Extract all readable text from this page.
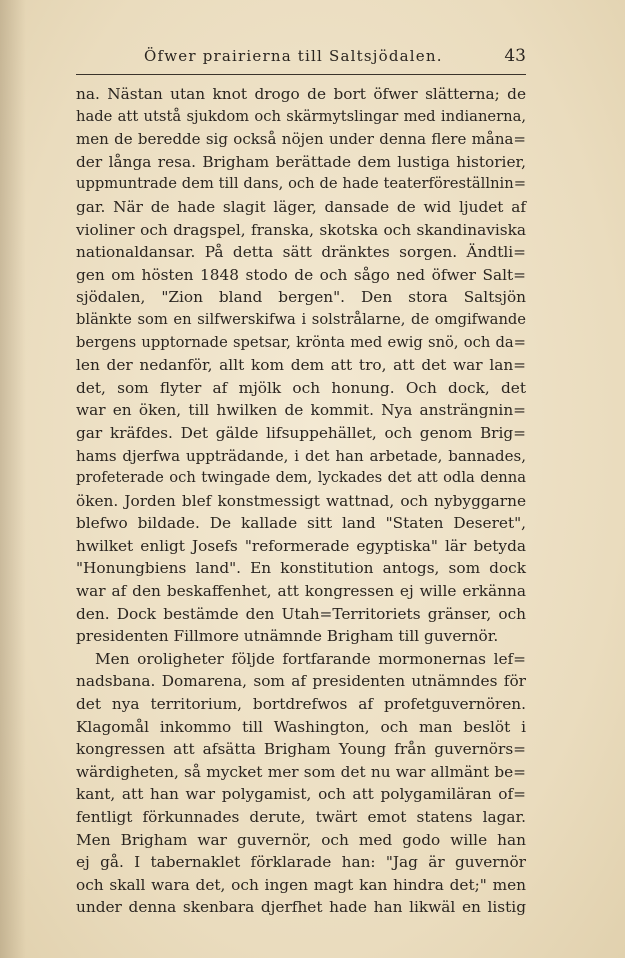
Öfwer prairierna till Saltsjödalen.	43
na. Nästan utan knot drogo de bort öfwer slätterna; de
hade att utstå sjukdom och skärmytslingar med indianerna,
men de beredde sig också nöjen under denna flere måna=
der långa resa. Brigham berättade dem lustiga historier,
uppmuntrade dem till dans, och de hade teaterföreställnin=
gar. När de hade slagit läger, dansade de wid ljudet af
violiner och dragspel, franska, skotska och skandinaviska
nationaldansar. På detta sätt dränktes sorgen. Ändtli=
gen om hösten 1848 stodo de och sågo ned öfwer Salt=
sjödalen, "Zion bland bergen". Den stora Saltsjön
blänkte som en silfwerskifwa i solstrålarne, de omgifwande
bergens upptornade spetsar, krönta med ewig snö, och da=
len der nedanför, allt kom dem att tro, att det war lan=
det, som flyter af mjölk och honung. Och dock, det
war en öken, till hwilken de kommit. Nya ansträngnin=
gar kräfdes. Det gälde lifsuppehället, och genom Brig=
hams djerfwa uppträdande, i det han arbetade, bannades,
profeterade och twingade dem, lyckades det att odla denna
öken. Jorden blef konstmessigt wattnad, och nybyggarne
blefwo bildade. De kallade sitt land "Staten Deseret",
hwilket enligt Josefs "reformerade egyptiska" lär betyda
"Honungbiens land". En konstitution antogs, som dock
war af den beskaffenhet, att kongressen ej wille erkänna
den. Dock bestämde den Utah=Territoriets gränser, och
presidenten Fillmore utnämnde Brigham till guvernör.
Men oroligheter följde fortfarande mormonernas lef=
nadsbana. Domarena, som af presidenten utnämndes för
det nya territorium, bortdrefwos af profetguvernören.
Klagomål inkommo till Washington, och man beslöt i
kongressen att afsätta Brigham Young från guvernörs=
wärdigheten, så mycket mer som det nu war allmänt be=
kant, att han war polygamist, och att polygamiläran of=
fentligt förkunnades derute, twärt emot statens lagar.
Men Brigham war guvernör, och med godo wille han
ej gå. I tabernaklet förklarade han: "Jag är guvernör
och skall wara det, och ingen magt kan hindra det;" men
under denna skenbara djerfhet hade han likwäl en listig
